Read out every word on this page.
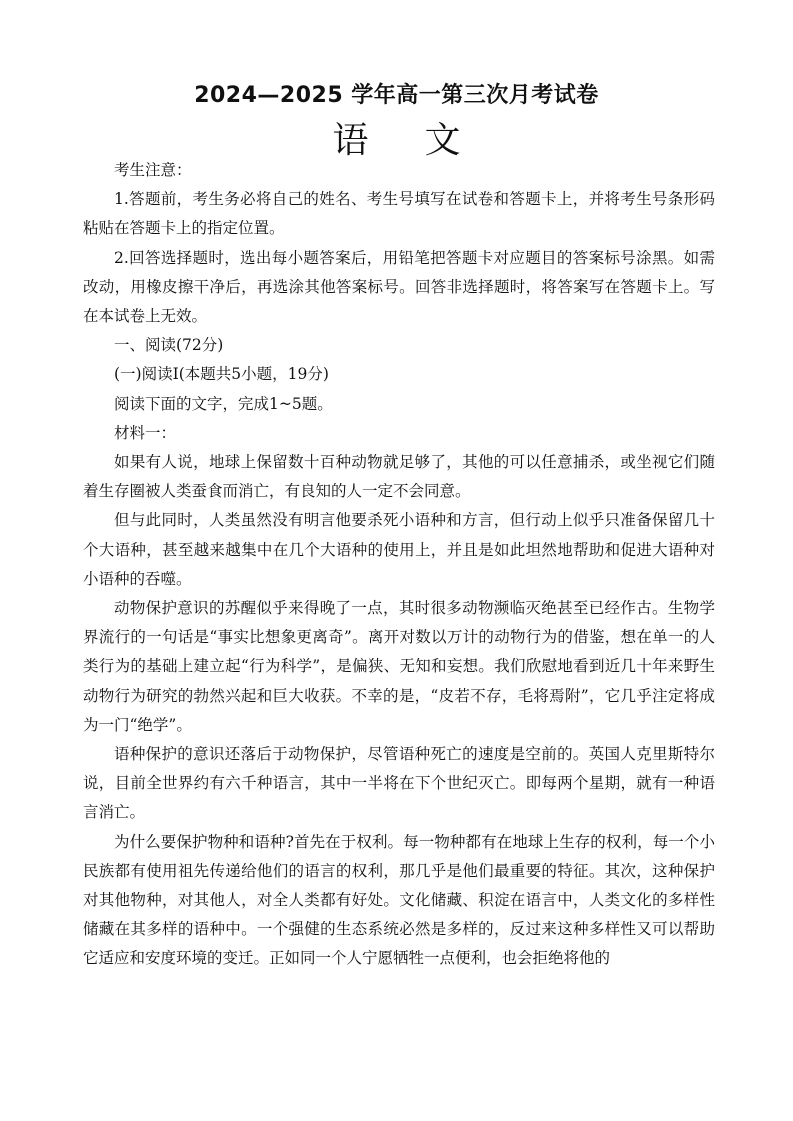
2024—2025 学年高一第三次月考试卷
语文

考生注意：

1.答题前，考生务必将自己的姓名、考生号填写在试卷和答题卡上，并将考生号条形码粘贴在答题卡上的指定位置。

2.回答选择题时，选出每小题答案后，用铅笔把答题卡对应题目的答案标号涂黑。如需改动，用橡皮擦干净后，再选涂其他答案标号。回答非选择题时，将答案写在答题卡上。写在本试卷上无效。

一、阅读(72分)

(一)阅读Ⅰ(本题共5小题，19分)

阅读下面的文字，完成1~5题。

材料一：

如果有人说，地球上保留数十百种动物就足够了，其他的可以任意捕杀，或坐视它们随着生存圈被人类蚕食而消亡，有良知的人一定不会同意。

但与此同时，人类虽然没有明言他要杀死小语种和方言，但行动上似乎只准备保留几十个大语种，甚至越来越集中在几个大语种的使用上，并且是如此坦然地帮助和促进大语种对小语种的吞噬。

动物保护意识的苏醒似乎来得晚了一点，其时很多动物濒临灭绝甚至已经作古。生物学界流行的一句话是“事实比想象更离奇”。离开对数以万计的动物行为的借鉴，想在单一的人类行为的基础上建立起“行为科学”，是偏狭、无知和妄想。我们欣慰地看到近几十年来野生动物行为研究的勃然兴起和巨大收获。不幸的是，“皮若不存，毛将焉附”，它几乎注定将成为一门“绝学”。

语种保护的意识还落后于动物保护，尽管语种死亡的速度是空前的。英国人克里斯特尔说，目前全世界约有六千种语言，其中一半将在下个世纪灭亡。即每两个星期，就有一种语言消亡。

为什么要保护物种和语种?首先在于权利。每一物种都有在地球上生存的权利，每一个小民族都有使用祖先传递给他们的语言的权利，那几乎是他们最重要的特征。其次，这种保护对其他物种，对其他人，对全人类都有好处。文化储藏、积淀在语言中，人类文化的多样性储藏在其多样的语种中。一个强健的生态系统必然是多样的，反过来这种多样性又可以帮助它适应和安度环境的变迁。正如同一个人宁愿牺牲一点便利，也会拒绝将他的
